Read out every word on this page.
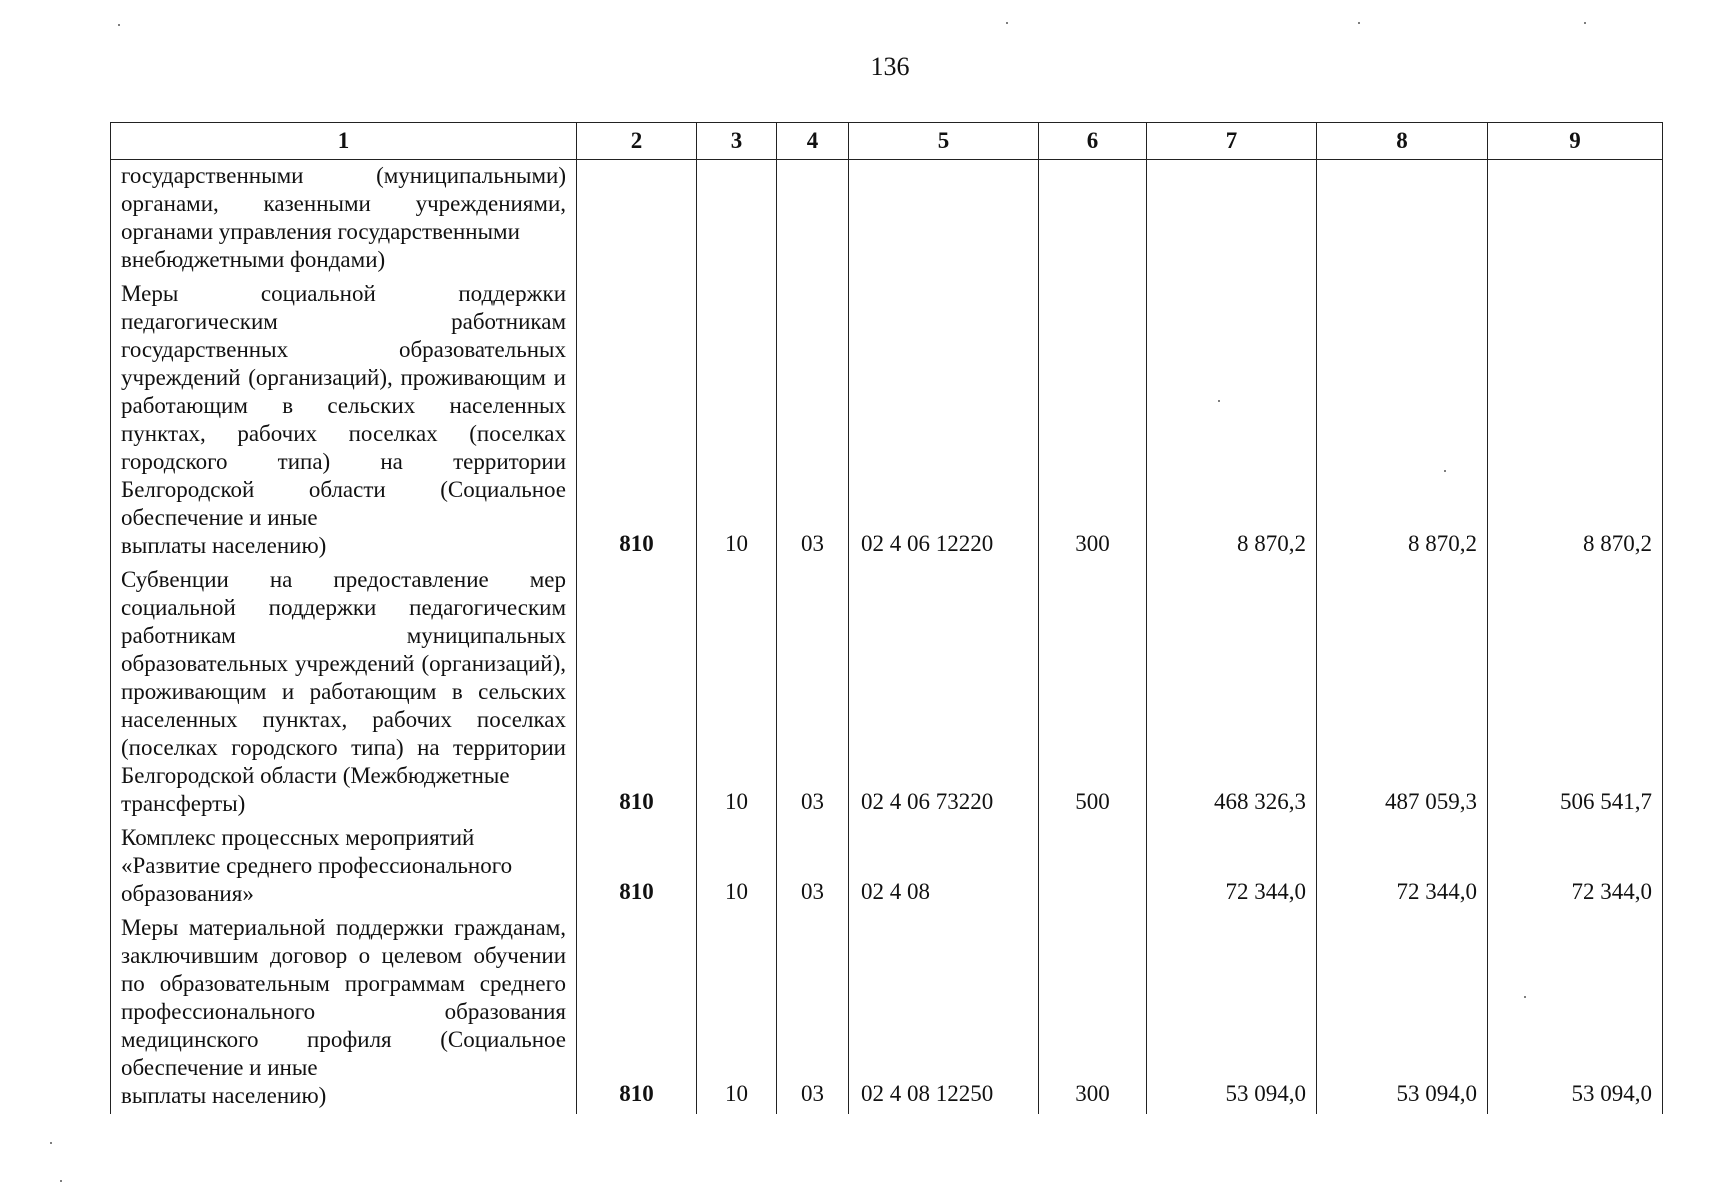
136
1	2	3	4	5	6	7	8	9
государственными (муниципальными) органами, казенными учреждениями, органами управления государственными
внебюджетными фондами)								

Меры социальной поддержки педагогическим работникам государственных образовательных учреждений (организаций), проживающим и работающим в сельских населенных пунктах, рабочих поселках (поселках городского типа) на территории Белгородской области (Социальное обеспечение и иные
выплаты населению)	810	10	03	02 4 06 12220	300	8 870,2	8 870,2	8 870,2
Субвенции на предоставление мер социальной поддержки педагогическим работникам муниципальных образовательных учреждений (организаций), проживающим и работающим в сельских населенных пунктах, рабочих поселках (поселках городского типа) на территории Белгородской области (Межбюджетные
трансферты)	810	10	03	02 4 06 73220	500	468 326,3	487 059,3	506 541,7

Комплекс процессных мероприятий
«Развитие среднего профессионального
образования»	810	10	03	02 4 08		72 344,0	72 344,0	72 344,0
Меры материальной поддержки гражданам, заключившим договор о целевом обучении по образовательным программам среднего профессионального образования медицинского профиля (Социальное обеспечение и иные
выплаты населению)	810	10	03	02 4 08 12250	300	53 094,0	53 094,0	53 094,0
